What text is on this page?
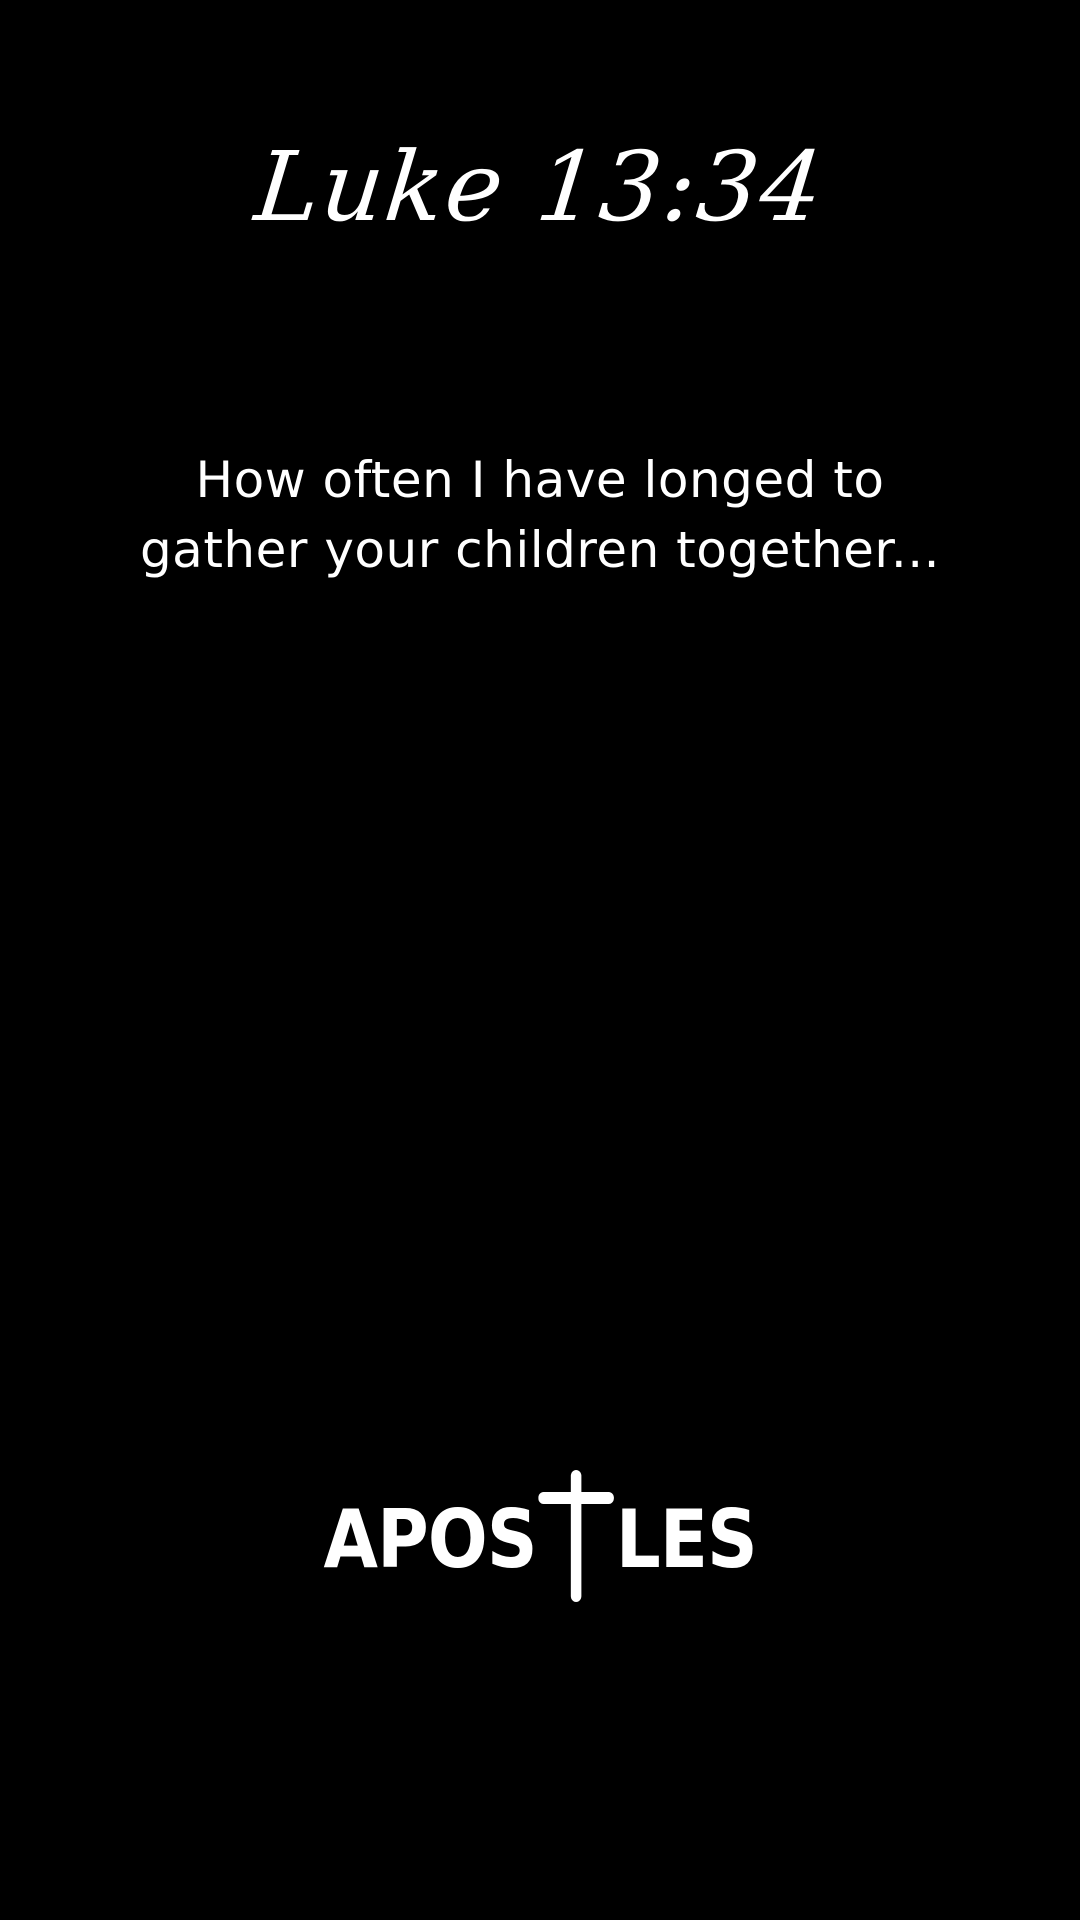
Luke 13:34
How often I have longed to
gather your children together...
APOS LES
